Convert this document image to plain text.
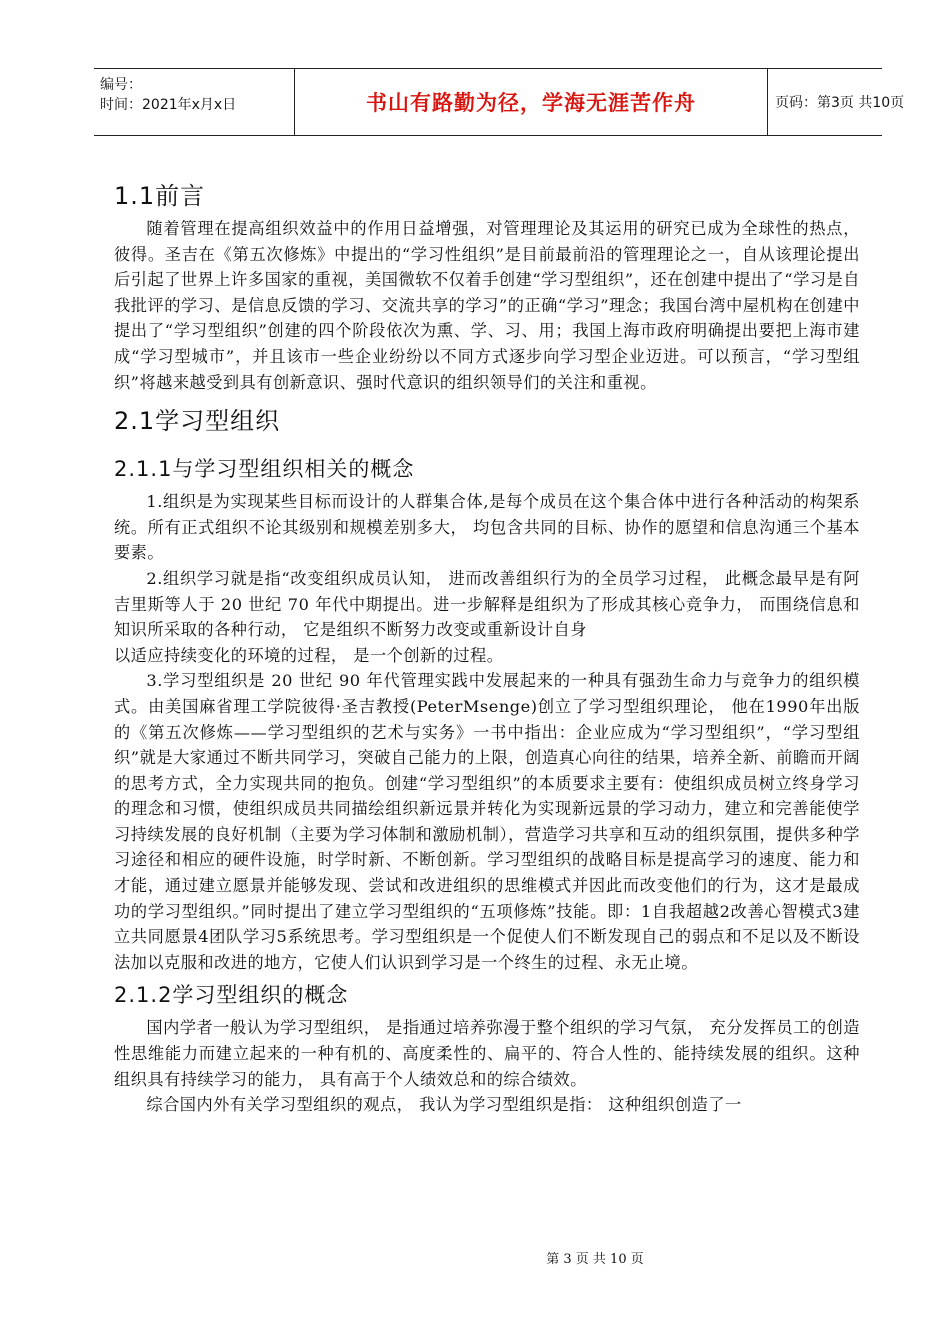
编号：
时间：2021年x月x日	书山有路勤为径，学海无涯苦作舟	页码：第3页 共10页
1.1前言

随着管理在提高组织效益中的作用日益增强，对管理理论及其运用的研究已成为全球性的热点，彼得。圣吉在《第五次修炼》中提出的“学习性组织”是目前最前沿的管理理论之一，自从该理论提出后引起了世界上许多国家的重视，美国微软不仅着手创建“学习型组织”，还在创建中提出了“学习是自我批评的学习、是信息反馈的学习、交流共享的学习”的正确“学习”理念；我国台湾中屋机构在创建中提出了“学习型组织”创建的四个阶段依次为熏、学、习、用；我国上海市政府明确提出要把上海市建成“学习型城市”，并且该市一些企业纷纷以不同方式逐步向学习型企业迈进。可以预言，“学习型组织”将越来越受到具有创新意识、强时代意识的组织领导们的关注和重视。

2.1学习型组织
2.1.1与学习型组织相关的概念

1.组织是为实现某些目标而设计的人群集合体,是每个成员在这个集合体中进行各种活动的构架系统。所有正式组织不论其级别和规模差别多大， 均包含共同的目标、协作的愿望和信息沟通三个基本要素。

2.组织学习就是指“改变组织成员认知， 进而改善组织行为的全员学习过程， 此概念最早是有阿吉里斯等人于 20 世纪 70 年代中期提出。进一步解释是组织为了形成其核心竞争力， 而围绕信息和知识所采取的各种行动， 它是组织不断努力改变或重新设计自身

以适应持续变化的环境的过程， 是一个创新的过程。

3.学习型组织是 20 世纪 90 年代管理实践中发展起来的一种具有强劲生命力与竞争力的组织模式。由美国麻省理工学院彼得·圣吉教授(PeterMsenge)创立了学习型组织理论， 他在1990年出版的《第五次修炼——学习型组织的艺术与实务》一书中指出：企业应成为“学习型组织”，“学习型组织”就是大家通过不断共同学习，突破自己能力的上限，创造真心向往的结果，培养全新、前瞻而开阔的思考方式，全力实现共同的抱负。创建“学习型组织”的本质要求主要有：使组织成员树立终身学习的理念和习惯，使组织成员共同描绘组织新远景并转化为实现新远景的学习动力，建立和完善能使学习持续发展的良好机制（主要为学习体制和激励机制），营造学习共享和互动的组织氛围，提供多种学习途径和相应的硬件设施，时学时新、不断创新。学习型组织的战略目标是提高学习的速度、能力和才能，通过建立愿景并能够发现、尝试和改进组织的思维模式并因此而改变他们的行为，这才是最成功的学习型组织。”同时提出了建立学习型组织的“五项修炼”技能。即：1自我超越2改善心智模式3建立共同愿景4团队学习5系统思考。学习型组织是一个促使人们不断发现自己的弱点和不足以及不断设法加以克服和改进的地方，它使人们认识到学习是一个终生的过程、永无止境。

2.1.2学习型组织的概念

国内学者一般认为学习型组织， 是指通过培养弥漫于整个组织的学习气氛， 充分发挥员工的创造性思维能力而建立起来的一种有机的、高度柔性的、扁平的、符合人性的、能持续发展的组织。这种组织具有持续学习的能力， 具有高于个人绩效总和的综合绩效。

综合国内外有关学习型组织的观点， 我认为学习型组织是指： 这种组织创造了一

第 3 页 共 10 页
